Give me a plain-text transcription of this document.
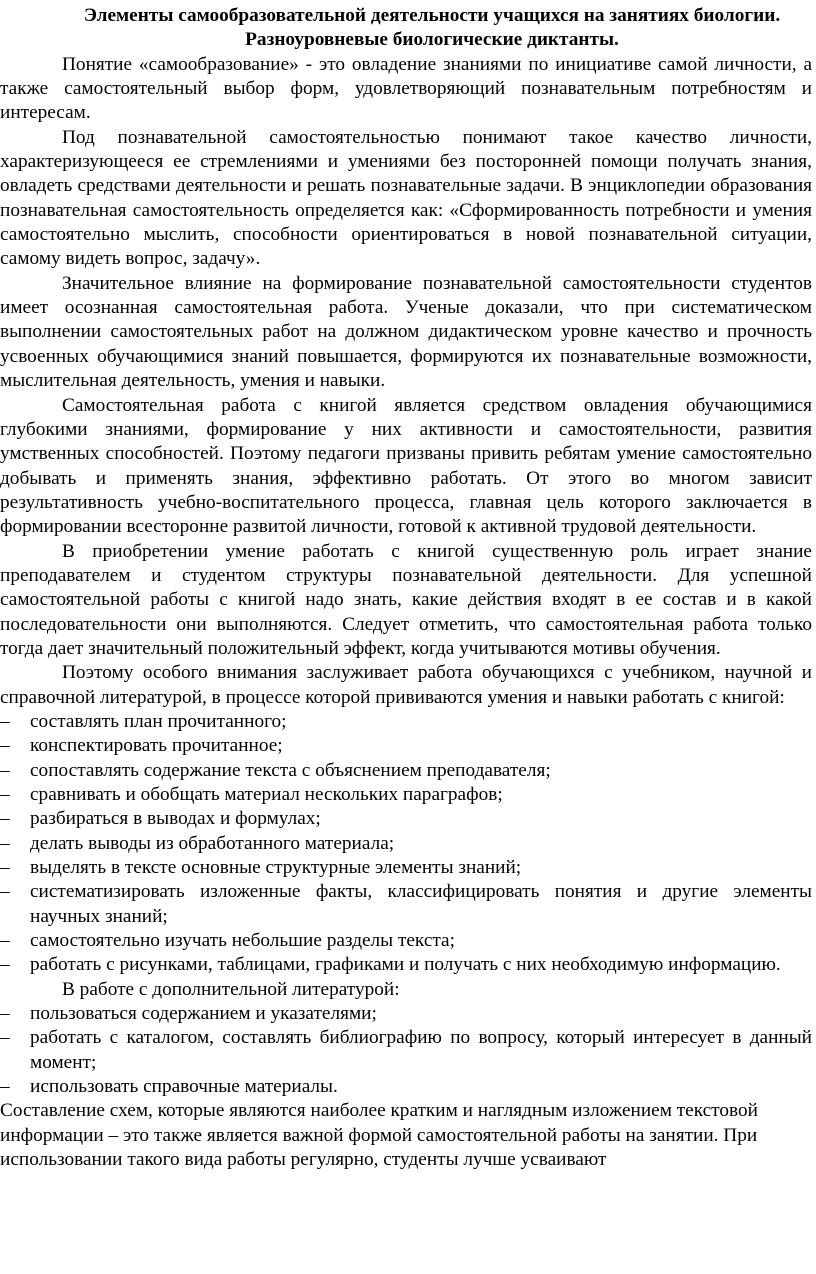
Элементы самообразовательной деятельности учащихся на занятиях биологии. Разноуровневые биологические диктанты.

Понятие «самообразование» - это овладение знаниями по инициативе самой личности, а также самостоятельный выбор форм, удовлетворяющий познавательным потребностям и интересам.

Под познавательной самостоятельностью понимают такое качество личности, характеризующееся ее стремлениями и умениями без посторонней помощи получать знания, овладеть средствами деятельности и решать познавательные задачи. В энциклопедии образования познавательная самостоятельность определяется как: «Сформированность потребности и умения самостоятельно мыслить, способности ориентироваться в новой познавательной ситуации, самому видеть вопрос, задачу».

Значительное влияние на формирование познавательной самостоятельности студентов имеет осознанная самостоятельная работа. Ученые доказали, что при систематическом выполнении самостоятельных работ на должном дидактическом уровне качество и прочность усвоенных обучающимися знаний повышается, формируются их познавательные возможности, мыслительная деятельность, умения и навыки.

Самостоятельная работа с книгой является средством овладения обучающимися глубокими знаниями, формирование у них активности и самостоятельности, развития умственных способностей. Поэтому педагоги призваны привить ребятам умение самостоятельно добывать и применять знания, эффективно работать. От этого во многом зависит результативность учебно-воспитательного процесса, главная цель которого заключается в формировании всесторонне развитой личности, готовой к активной трудовой деятельности.

В приобретении умение работать с книгой существенную роль играет знание преподавателем и студентом структуры познавательной деятельности. Для успешной самостоятельной работы с книгой надо знать, какие действия входят в ее состав и в какой последовательности они выполняются. Следует отметить, что самостоятельная работа только тогда дает значительный положительный эффект, когда учитываются мотивы обучения.

Поэтому особого внимания заслуживает работа обучающихся с учебником, научной и справочной литературой, в процессе которой прививаются умения и навыки работать с книгой:

– составлять план прочитанного;
– конспектировать прочитанное;
– сопоставлять содержание текста с объяснением преподавателя;
– сравнивать и обобщать материал нескольких параграфов;
– разбираться в выводах и формулах;
– делать выводы из обработанного материала;
– выделять в тексте основные структурные элементы знаний;
– систематизировать изложенные факты, классифицировать понятия и другие элементы научных знаний;
– самостоятельно изучать небольшие разделы текста;
– работать с рисунками, таблицами, графиками и получать с них необходимую информацию.

В работе с дополнительной литературой:

– пользоваться содержанием и указателями;
– работать с каталогом, составлять библиографию по вопросу, который интересует в данный момент;
– использовать справочные материалы.

Составление схем, которые являются наиболее кратким и наглядным изложением текстовой информации – это также является важной формой самостоятельной работы на занятии. При использовании такого вида работы регулярно, студенты лучше усваивают
